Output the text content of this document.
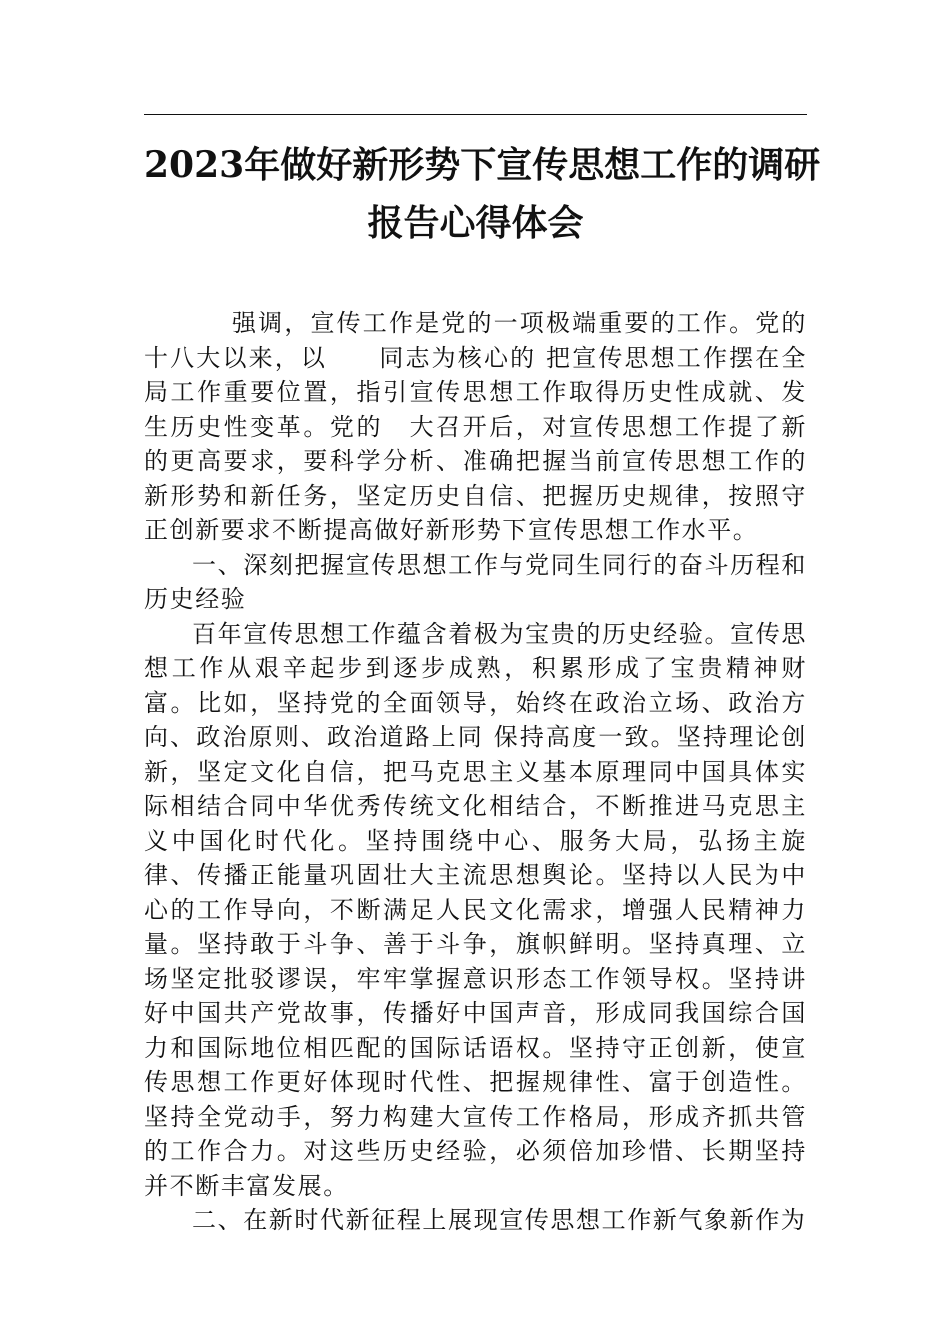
2023年做好新形势下宣传思想工作的调研
报告心得体会

强调，宣传工作是党的一项极端重要的工作。党的十八大以来，以　　同志为核心的 把宣传思想工作摆在全局工作重要位置，指引宣传思想工作取得历史性成就、发生历史性变革。党的　大召开后，对宣传思想工作提了新的更高要求，要科学分析、准确把握当前宣传思想工作的新形势和新任务，坚定历史自信、把握历史规律，按照守正创新要求不断提高做好新形势下宣传思想工作水平。

一、深刻把握宣传思想工作与党同生同行的奋斗历程和历史经验

百年宣传思想工作蕴含着极为宝贵的历史经验。宣传思想工作从艰辛起步到逐步成熟，积累形成了宝贵精神财富。比如，坚持党的全面领导，始终在政治立场、政治方向、政治原则、政治道路上同 保持高度一致。坚持理论创新，坚定文化自信，把马克思主义基本原理同中国具体实际相结合同中华优秀传统文化相结合，不断推进马克思主义中国化时代化。坚持围绕中心、服务大局，弘扬主旋律、传播正能量巩固壮大主流思想舆论。坚持以人民为中心的工作导向，不断满足人民文化需求，增强人民精神力量。坚持敢于斗争、善于斗争，旗帜鲜明。坚持真理、立场坚定批驳谬误，牢牢掌握意识形态工作领导权。坚持讲好中国共产党故事，传播好中国声音，形成同我国综合国力和国际地位相匹配的国际话语权。坚持守正创新，使宣传思想工作更好体现时代性、把握规律性、富于创造性。坚持全党动手，努力构建大宣传工作格局，形成齐抓共管的工作合力。对这些历史经验，必须倍加珍惜、长期坚持并不断丰富发展。

二、在新时代新征程上展现宣传思想工作新气象新作为
